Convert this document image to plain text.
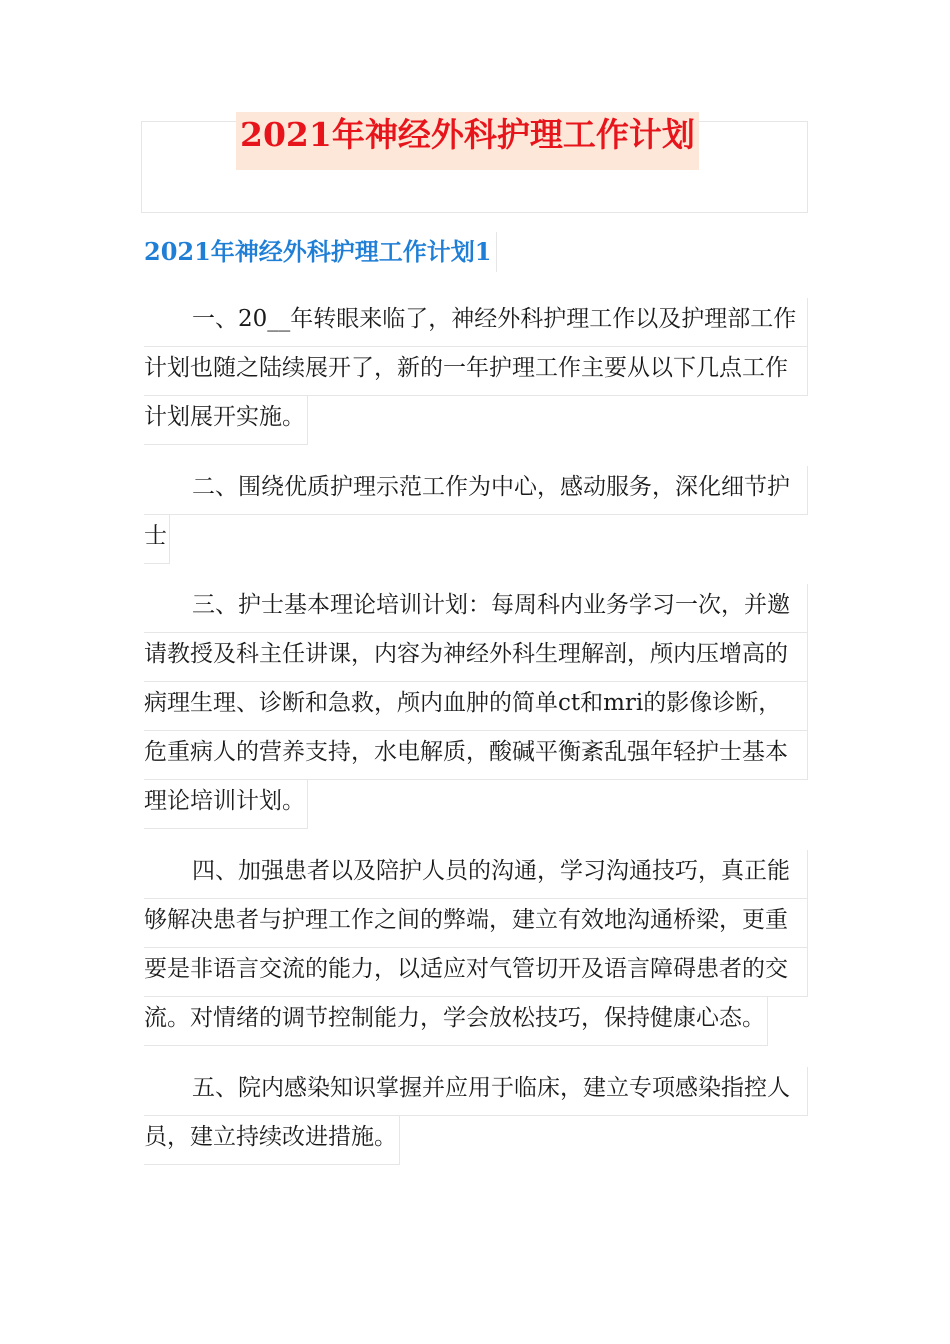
2021年神经外科护理工作计划
2021年神经外科护理工作计划1
一、20__年转眼来临了，神经外科护理工作以及护理部工作
计划也随之陆续展开了，新的一年护理工作主要从以下几点工作
计划展开实施。
二、围绕优质护理示范工作为中心，感动服务，深化细节护
士
三、护士基本理论培训计划：每周科内业务学习一次，并邀
请教授及科主任讲课，内容为神经外科生理解剖，颅内压增高的
病理生理、诊断和急救，颅内血肿的简单ct和mri的影像诊断，
危重病人的营养支持，水电解质，酸碱平衡紊乱强年轻护士基本
理论培训计划。
四、加强患者以及陪护人员的沟通，学习沟通技巧，真正能
够解决患者与护理工作之间的弊端，建立有效地沟通桥梁，更重
要是非语言交流的能力，以适应对气管切开及语言障碍患者的交
流。对情绪的调节控制能力，学会放松技巧，保持健康心态。
五、院内感染知识掌握并应用于临床，建立专项感染指控人
员，建立持续改进措施。
